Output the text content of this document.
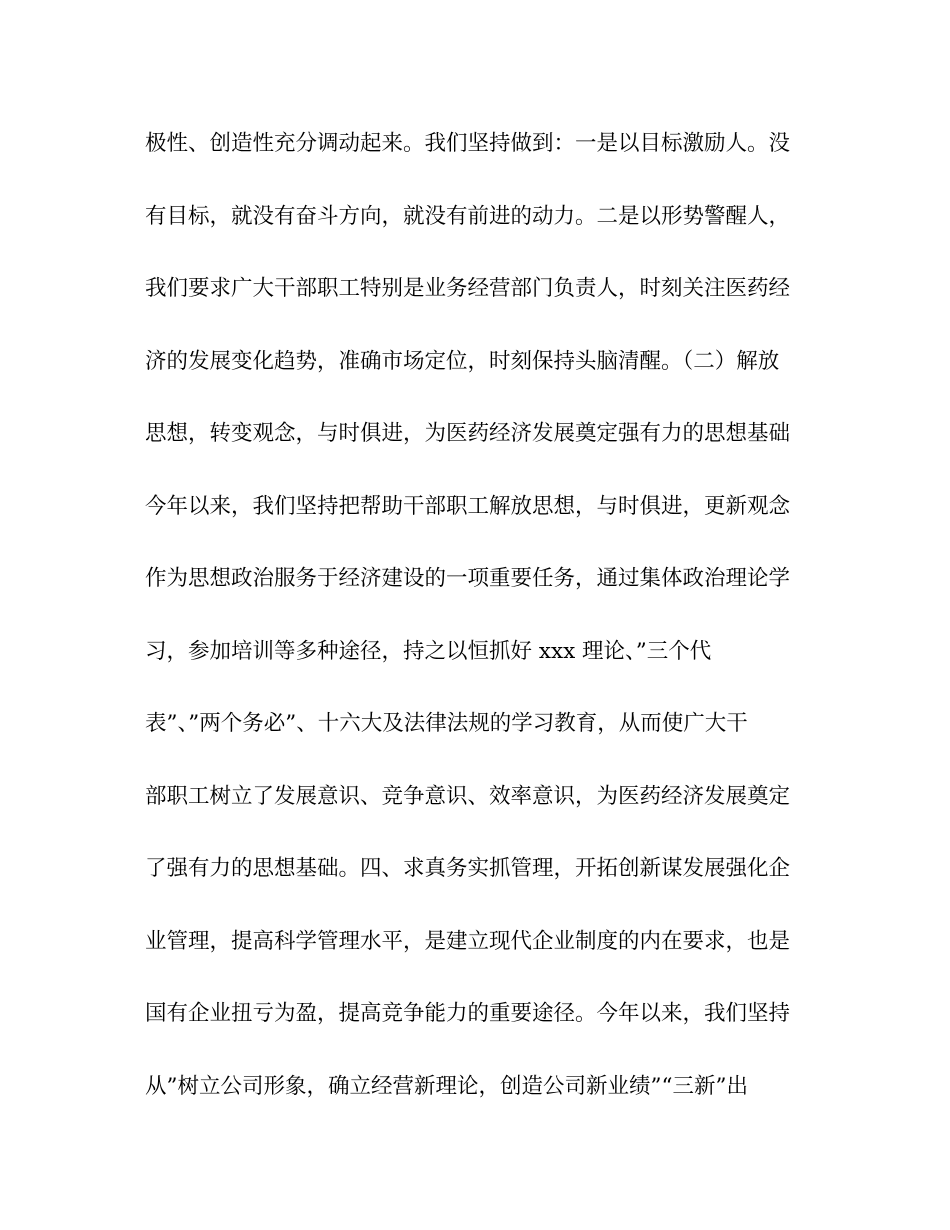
极性、创造性充分调动起来。我们坚持做到：一是以目标激励人。没
有目标，就没有奋斗方向，就没有前进的动力。二是以形势警醒人，
我们要求广大干部职工特别是业务经营部门负责人，时刻关注医药经
济的发展变化趋势，准确市场定位，时刻保持头脑清醒。（二）解放
思想，转变观念，与时俱进，为医药经济发展奠定强有力的思想基础
今年以来，我们坚持把帮助干部职工解放思想，与时俱进，更新观念
作为思想政治服务于经济建设的一项重要任务，通过集体政治理论学
习，参加培训等多种途径，持之以恒抓好 xxx 理论、”三个代
表”、”两个务必”、十六大及法律法规的学习教育，从而使广大干
部职工树立了发展意识、竞争意识、效率意识，为医药经济发展奠定
了强有力的思想基础。四、求真务实抓管理，开拓创新谋发展强化企
业管理，提高科学管理水平，是建立现代企业制度的内在要求，也是
国有企业扭亏为盈，提高竞争能力的重要途径。今年以来，我们坚持
从”树立公司形象，确立经营新理论，创造公司新业绩”“三新”出
